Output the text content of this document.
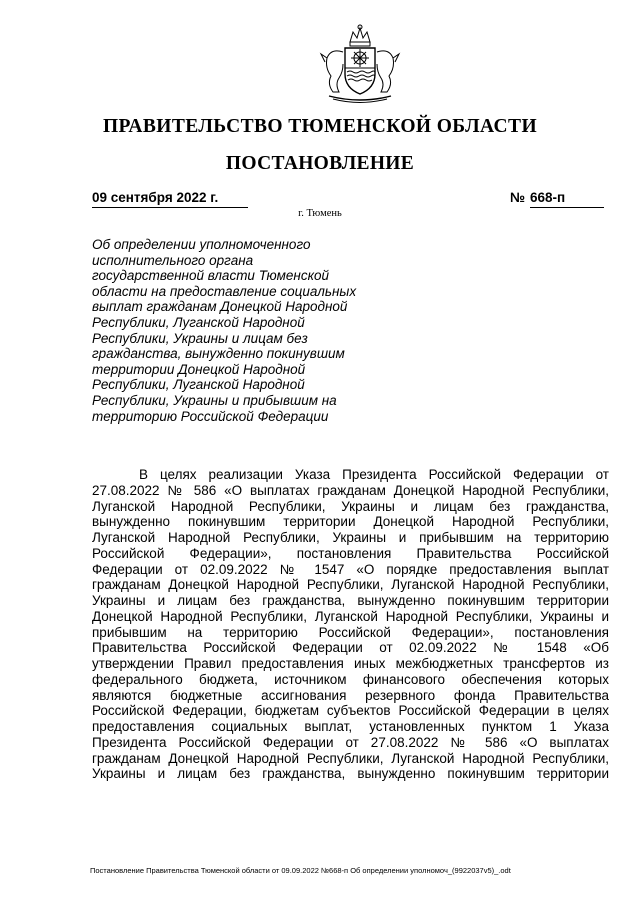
ПРАВИТЕЛЬСТВО ТЮМЕНСКОЙ ОБЛАСТИ
ПОСТАНОВЛЕНИЕ
09 сентября 2022 г.	№ 668-п
г. Тюмень
Об определении уполномоченного
исполнительного органа
государственной власти Тюменской
области на предоставление социальных
выплат гражданам Донецкой Народной
Республики, Луганской Народной
Республики, Украины и лицам без
гражданства, вынужденно покинувшим
территории Донецкой Народной
Республики, Луганской Народной
Республики, Украины и прибывшим на
территорию Российской Федерации
В целях реализации Указа Президента Российской Федерации от
27.08.2022 № 586 «О выплатах гражданам Донецкой Народной Республики,
Луганской Народной Республики, Украины и лицам без гражданства,
вынужденно покинувшим территории Донецкой Народной Республики,
Луганской Народной Республики, Украины и прибывшим на территорию
Российской Федерации», постановления Правительства Российской
Федерации от 02.09.2022 № 1547 «О порядке предоставления выплат
гражданам Донецкой Народной Республики, Луганской Народной Республики,
Украины и лицам без гражданства, вынужденно покинувшим территории
Донецкой Народной Республики, Луганской Народной Республики, Украины и
прибывшим на территорию Российской Федерации», постановления
Правительства Российской Федерации от 02.09.2022 № 1548 «Об
утверждении Правил предоставления иных межбюджетных трансфертов из
федерального бюджета, источником финансового обеспечения которых
являются бюджетные ассигнования резервного фонда Правительства
Российской Федерации, бюджетам субъектов Российской Федерации в целях
предоставления социальных выплат, установленных пунктом 1 Указа
Президента Российской Федерации от 27.08.2022 № 586 «О выплатах
гражданам Донецкой Народной Республики, Луганской Народной Республики,
Украины и лицам без гражданства, вынужденно покинувшим территории
Постановление Правительства Тюменской области от 09.09.2022 №668-п Об определении уполномоч_(9922037v5)_.odt
